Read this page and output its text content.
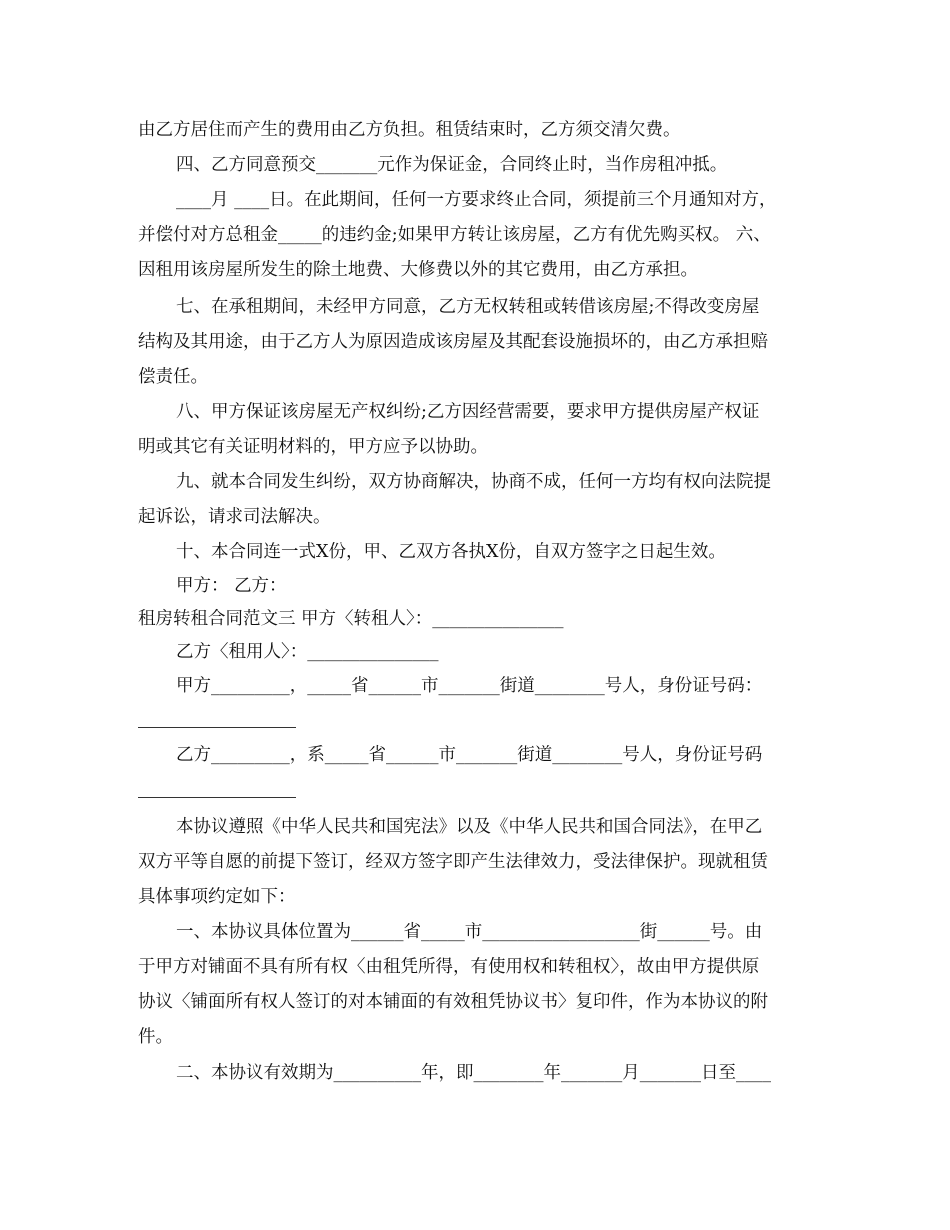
由乙方居住而产生的费用由乙方负担。租赁结束时，乙方须交清欠费。
四、乙方同意预交_______元作为保证金，合同终止时，当作房租冲抵。
____月 ____日。在此期间，任何一方要求终止合同，须提前三个月通知对方，
并偿付对方总租金_____的违约金;如果甲方转让该房屋，乙方有优先购买权。 六、
因租用该房屋所发生的除土地费、大修费以外的其它费用，由乙方承担。
七、在承租期间，未经甲方同意，乙方无权转租或转借该房屋;不得改变房屋
结构及其用途，由于乙方人为原因造成该房屋及其配套设施损坏的，由乙方承担赔
偿责任。
八、甲方保证该房屋无产权纠纷;乙方因经营需要，要求甲方提供房屋产权证
明或其它有关证明材料的，甲方应予以协助。
九、就本合同发生纠纷，双方协商解决，协商不成，任何一方均有权向法院提
起诉讼，请求司法解决。
十、本合同连一式X份，甲、乙双方各执X份，自双方签字之日起生效。
甲方： 乙方：
租房转租合同范文三 甲方〈转租人〉：_______________
乙方〈租用人〉：_______________
甲方_________，_____省______市_______街道________号人，身份证号码：
乙方_________，系_____省______市_______街道________号人，身份证号码
本协议遵照《中华人民共和国宪法》以及《中华人民共和国合同法》，在甲乙
双方平等自愿的前提下签订，经双方签字即产生法律效力，受法律保护。现就租赁
具体事项约定如下：
一、本协议具体位置为______省_____市__________________街______号。由
于甲方对铺面不具有所有权〈由租凭所得，有使用权和转租权〉，故由甲方提供原
协议〈铺面所有权人签订的对本铺面的有效租凭协议书〉复印件，作为本协议的附
件。
二、本协议有效期为__________年，即________年_______月_______日至____
